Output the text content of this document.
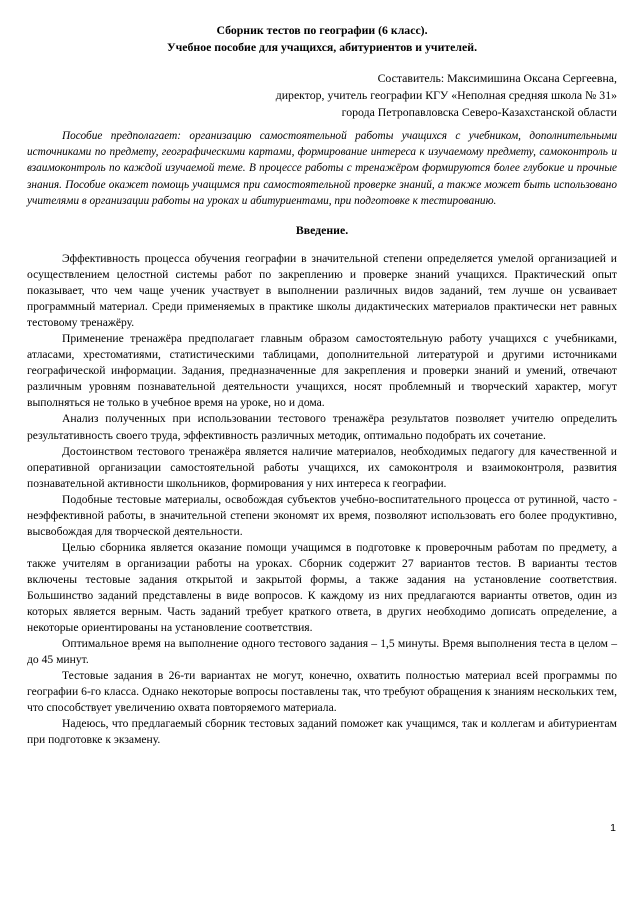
Сборник тестов по географии (6 класс).
Учебное пособие для учащихся, абитуриентов и учителей.
Составитель: Максимишина Оксана Сергеевна,
директор, учитель географии КГУ «Неполная средняя школа № 31»
города Петропавловска Северо-Казахстанской области

Пособие предполагает: организацию самостоятельной работы учащихся с учебником, дополнительными источниками по предмету, географическими картами, формирование интереса к изучаемому предмету, самоконтроль и взаимоконтроль по каждой изучаемой теме. В процессе работы с тренажёром формируются более глубокие и прочные знания. Пособие окажет помощь учащимся при самостоятельной проверке знаний, а также может быть использовано учителями в организации работы на уроках и абитуриентами, при подготовке к тестированию.

Введение.

Эффективность процесса обучения географии в значительной степени определяется умелой организацией и осуществлением целостной системы работ по закреплению и проверке знаний учащихся. Практический опыт показывает, что чем чаще ученик участвует в выполнении различных видов заданий, тем лучше он усваивает программный материал. Среди применяемых в практике школы дидактических материалов практически нет равных тестовому тренажёру.

Применение тренажёра предполагает главным образом самостоятельную работу учащихся с учебниками, атласами, хрестоматиями, статистическими таблицами, дополнительной литературой и другими источниками географической информации. Задания, предназначенные для закрепления и проверки знаний и умений, отвечают различным уровням познавательной деятельности учащихся, носят проблемный и творческий характер, могут выполняться не только в учебное время на уроке, но и дома.

Анализ полученных при использовании тестового тренажёра результатов позволяет учителю определить результативность своего труда, эффективность различных методик, оптимально подобрать их сочетание.

Достоинством тестового тренажёра является наличие материалов, необходимых педагогу для качественной и оперативной организации самостоятельной работы учащихся, их самоконтроля и взаимоконтроля, развития познавательной активности школьников, формирования у них интереса к географии.

Подобные тестовые материалы, освобождая субъектов учебно-воспитательного процесса от рутинной, часто - неэффективной работы, в значительной степени экономят их время, позволяют использовать его более продуктивно, высвобождая для творческой деятельности.

Целью сборника является оказание помощи учащимся в подготовке к проверочным работам по предмету, а также учителям в организации работы на уроках. Сборник содержит 27 вариантов тестов. В варианты тестов включены тестовые задания открытой и закрытой формы, а также задания на установление соответствия. Большинство заданий представлены в виде вопросов. К каждому из них предлагаются варианты ответов, один из которых является верным. Часть заданий требует краткого ответа, в других необходимо дописать определение, а некоторые ориентированы на установление соответствия.

Оптимальное время на выполнение одного тестового задания – 1,5 минуты. Время выполнения теста в целом – до 45 минут.

Тестовые задания в 26-ти вариантах не могут, конечно, охватить полностью материал всей программы по географии 6-го класса. Однако некоторые вопросы поставлены так, что требуют обращения к знаниям нескольких тем, что способствует увеличению охвата повторяемого материала.

Надеюсь, что предлагаемый сборник тестовых заданий поможет как учащимся, так и коллегам и абитуриентам при подготовке к экзамену.

1
